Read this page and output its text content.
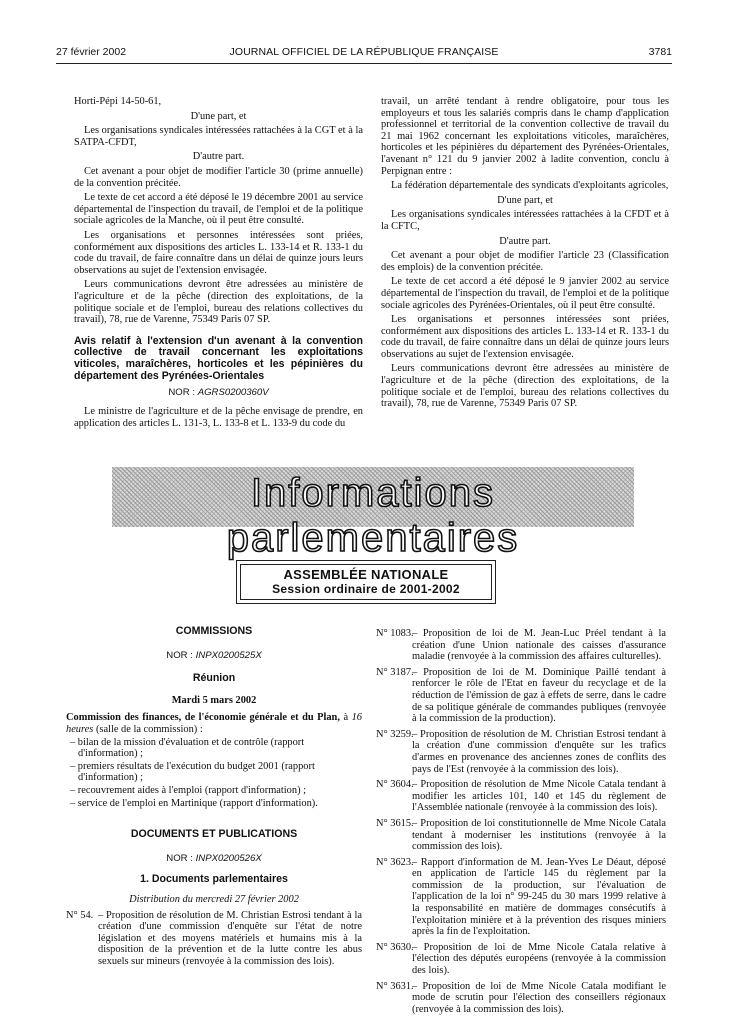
27 février 2002	JOURNAL OFFICIEL DE LA RÉPUBLIQUE FRANÇAISE	3781

Horti-Pépi 14-50-61,

D'une part, et

Les organisations syndicales intéressées rattachées à la CGT et à la SATPA-CFDT,

D'autre part.

Cet avenant a pour objet de modifier l'article 30 (prime annuelle) de la convention précitée.

Le texte de cet accord a été déposé le 19 décembre 2001 au service départemental de l'inspection du travail, de l'emploi et de la politique sociale agricoles de la Manche, où il peut être consulté.

Les organisations et personnes intéressées sont priées, conformément aux dispositions des articles L. 133-14 et R. 133-1 du code du travail, de faire connaître dans un délai de quinze jours leurs observations au sujet de l'extension envisagée.

Leurs communications devront être adressées au ministère de l'agriculture et de la pêche (direction des exploitations, de la politique sociale et de l'emploi, bureau des relations collectives du travail), 78, rue de Varenne, 75349 Paris 07 SP.

Avis relatif à l'extension d'un avenant à la convention collective de travail concernant les exploitations viticoles, maraîchères, horticoles et les pépinières du département des Pyrénées-Orientales
NOR : AGRS0200360V

Le ministre de l'agriculture et de la pêche envisage de prendre, en application des articles L. 131-3, L. 133-8 et L. 133-9 du code du

travail, un arrêté tendant à rendre obligatoire, pour tous les employeurs et tous les salariés compris dans le champ d'application professionnel et territorial de la convention collective de travail du 21 mai 1962 concernant les exploitations viticoles, maraîchères, horticoles et les pépinières du département des Pyrénées-Orientales, l'avenant n° 121 du 9 janvier 2002 à ladite convention, conclu à Perpignan entre :

La fédération départementale des syndicats d'exploitants agricoles,

D'une part, et

Les organisations syndicales intéressées rattachées à la CFDT et à la CFTC,

D'autre part.

Cet avenant a pour objet de modifier l'article 23 (Classification des emplois) de la convention précitée.

Le texte de cet accord a été déposé le 9 janvier 2002 au service départemental de l'inspection du travail, de l'emploi et de la politique sociale agricoles des Pyrénées-Orientales, où il peut être consulté.

Les organisations et personnes intéressées sont priées, conformément aux dispositions des articles L. 133-14 et R. 133-1 du code du travail, de faire connaître dans un délai de quinze jours leurs observations au sujet de l'extension envisagée.

Leurs communications devront être adressées au ministère de l'agriculture et de la pêche (direction des exploitations, de la politique sociale et de l'emploi, bureau des relations collectives du travail), 78, rue de Varenne, 75349 Paris 07 SP.

Informations parlementaires
ASSEMBLÉE NATIONALE
Session ordinaire de 2001-2002
COMMISSIONS
NOR : INPX0200525X
Réunion
Mardi 5 mars 2002
Commission des finances, de l'économie générale et du Plan, à 16 heures (salle de la commission) :
– bilan de la mission d'évaluation et de contrôle (rapport d'information) ;
– premiers résultats de l'exécution du budget 2001 (rapport d'information) ;
– recouvrement aides à l'emploi (rapport d'information) ;
– service de l'emploi en Martinique (rapport d'information).
DOCUMENTS ET PUBLICATIONS
NOR : INPX0200526X
1. Documents parlementaires
Distribution du mercredi 27 février 2002
N° 54. – Proposition de résolution de M. Christian Estrosi tendant à la création d'une commission d'enquête sur l'état de notre législation et des moyens matériels et humains mis à la disposition de la prévention et de la lutte contre les abus sexuels sur mineurs (renvoyée à la commission des lois).
N° 1083.
– Proposition de loi de M. Jean-Luc Préel tendant à la création d'une Union nationale des caisses d'assurance maladie (renvoyée à la commission des affaires culturelles).
N° 3187.
– Proposition de loi de M. Dominique Paillé tendant à renforcer le rôle de l'Etat en faveur du recyclage et de la réduction de l'émission de gaz à effets de serre, dans le cadre de sa politique générale de commandes publiques (renvoyée à la commission de la production).
N° 3259.
– Proposition de résolution de M. Christian Estrosi tendant à la création d'une commission d'enquête sur les trafics d'armes en provenance des anciennes zones de conflits des pays de l'Est (renvoyée à la commission des lois).
N° 3604.
– Proposition de résolution de Mme Nicole Catala tendant à modifier les articles 101, 140 et 145 du règlement de l'Assemblée nationale (renvoyée à la commission des lois).
N° 3615.
– Proposition de loi constitutionnelle de Mme Nicole Catala tendant à moderniser les institutions (renvoyée à la commission des lois).
N° 3623.
– Rapport d'information de M. Jean-Yves Le Déaut, déposé en application de l'article 145 du règlement par la commission de la production, sur l'évaluation de l'application de la loi n° 99-245 du 30 mars 1999 relative à la responsabilité en matière de dommages consécutifs à l'exploitation minière et à la prévention des risques miniers après la fin de l'exploitation.
N° 3630.
– Proposition de loi de Mme Nicole Catala relative à l'élection des députés européens (renvoyée à la commission des lois).
N° 3631.
– Proposition de loi de Mme Nicole Catala modifiant le mode de scrutin pour l'élection des conseillers régionaux (renvoyée à la commission des lois).
